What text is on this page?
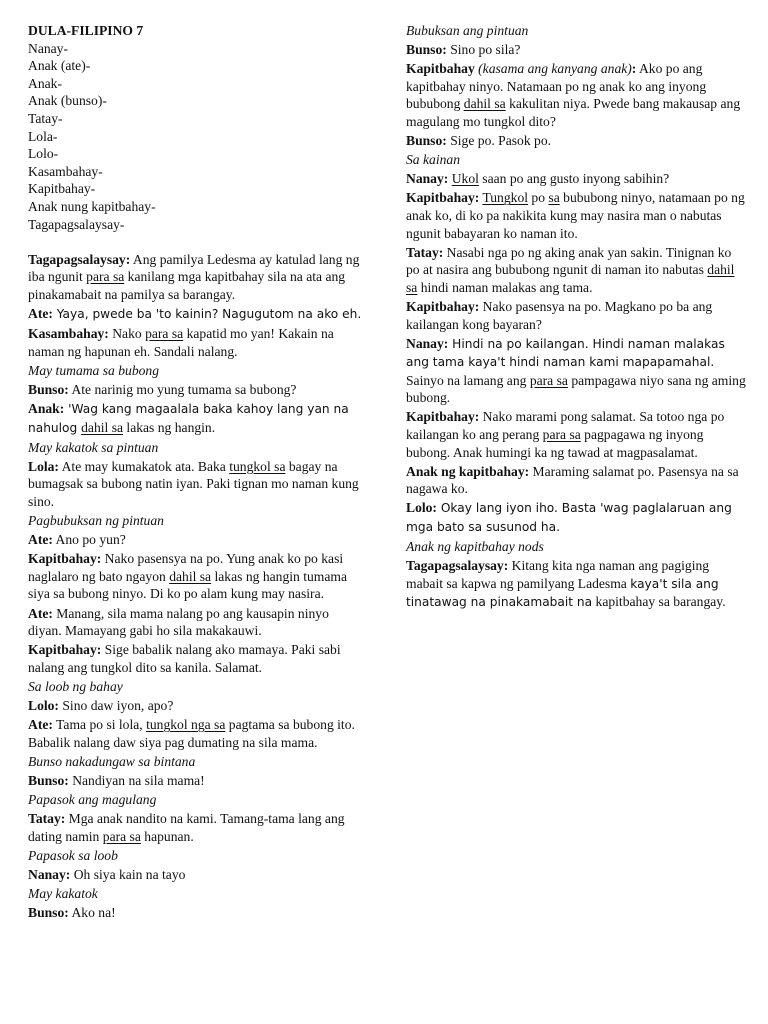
DULA-FILIPINO 7
Nanay-
Anak (ate)-
Anak-
Anak (bunso)-
Tatay-
Lola-
Lolo-
Kasambahay-
Kapitbahay-
Anak nung kapitbahay-
Tagapagsalaysay-
Tagapagsalaysay: Ang pamilya Ledesma ay katulad lang ng iba ngunit para sa kanilang mga kapitbahay sila na ata ang pinakamabait na pamilya sa barangay.
Ate: Yaya, pwede ba 'to kainin? Nagugutom na ako eh.
Kasambahay: Nako para sa kapatid mo yan! Kakain na naman ng hapunan eh. Sandali nalang.
May tumama sa bubong
Bunso: Ate narinig mo yung tumama sa bubong?
Anak: 'Wag kang magaalala baka kahoy lang yan na nahulog dahil sa lakas ng hangin.
May kakatok sa pintuan
Lola: Ate may kumakatok ata. Baka tungkol sa bagay na bumagsak sa bubong natin iyan. Paki tignan mo naman kung sino.
Pagbubuksan ng pintuan
Ate: Ano po yun?
Kapitbahay: Nako pasensya na po. Yung anak ko po kasi naglalaro ng bato ngayon dahil sa lakas ng hangin tumama siya sa bubong ninyo. Di ko po alam kung may nasira.
Ate: Manang, sila mama nalang po ang kausapin ninyo diyan. Mamayang gabi ho sila makakauwi.
Kapitbahay: Sige babalik nalang ako mamaya. Paki sabi nalang ang tungkol dito sa kanila. Salamat.
Sa loob ng bahay
Lolo: Sino daw iyon, apo?
Ate: Tama po si lola, tungkol nga sa pagtama sa bubong ito. Babalik nalang daw siya pag dumating na sila mama.
Bunso nakadungaw sa bintana
Bunso: Nandiyan na sila mama!
Papasok ang magulang
Tatay: Mga anak nandito na kami. Tamang-tama lang ang dating namin para sa hapunan.
Papasok sa loob
Nanay: Oh siya kain na tayo
May kakatok
Bunso: Ako na!
Bubuksan ang pintuan
Bunso: Sino po sila?
Kapitbahay (kasama ang kanyang anak): Ako po ang kapitbahay ninyo. Natamaan po ng anak ko ang inyong bububong dahil sa kakulitan niya. Pwede bang makausap ang magulang mo tungkol dito?
Bunso: Sige po. Pasok po.
Sa kainan
Nanay: Ukol saan po ang gusto inyong sabihin?
Kapitbahay: Tungkol po sa bububong ninyo, natamaan po ng anak ko, di ko pa nakikita kung may nasira man o nabutas ngunit babayaran ko naman ito.
Tatay: Nasabi nga po ng aking anak yan sakin. Tinignan ko po at nasira ang bububong ngunit di naman ito nabutas dahil sa hindi naman malakas ang tama.
Kapitbahay: Nako pasensya na po. Magkano po ba ang kailangan kong bayaran?
Nanay: Hindi na po kailangan. Hindi naman malakas ang tama kaya't hindi naman kami mapapamahal. Sainyo na lamang ang para sa pampagawa niyo sana ng aming bubong.
Kapitbahay: Nako marami pong salamat. Sa totoo nga po kailangan ko ang perang para sa pagpagawa ng inyong bubong. Anak humingi ka ng tawad at magpasalamat.
Anak ng kapitbahay: Maraming salamat po. Pasensya na sa nagawa ko.
Lolo: Okay lang iyon iho. Basta 'wag paglalaruan ang mga bato sa susunod ha.
Anak ng kapitbahay nods
Tagapagsalaysay: Kitang kita nga naman ang pagiging mabait sa kapwa ng pamilyang Ladesma kaya't sila ang tinatawag na pinakamabait na kapitbahay sa barangay.
